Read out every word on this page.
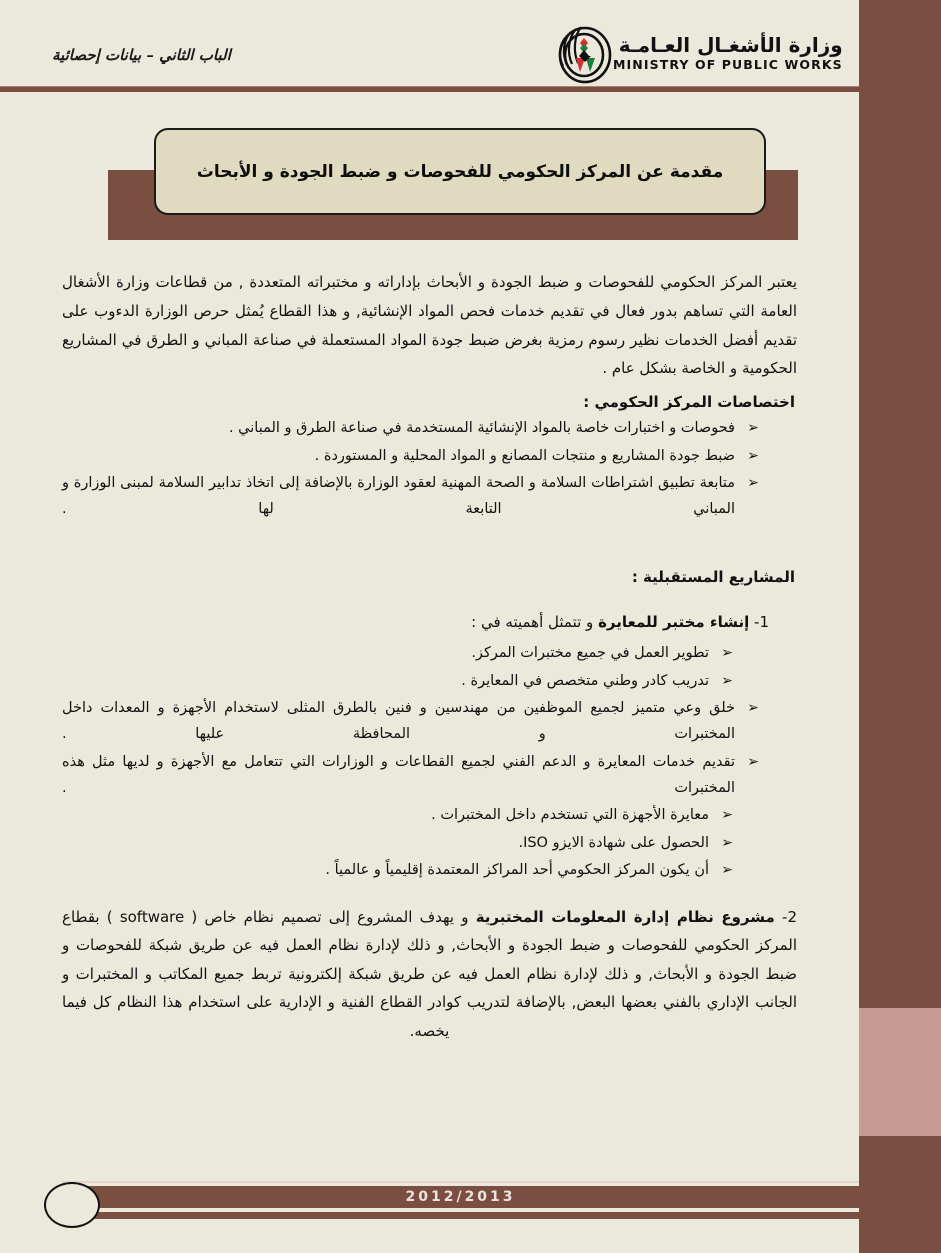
الباب الثاني – بيانات إحصائية	وزارة الأشغـال العـامـة
MINISTRY OF PUBLIC WORKS
مقدمة عن المركز الحكومي للفحوصات و ضبط الجودة و الأبحاث

يعتبر المركز الحكومي للفحوصات و ضبط الجودة و الأبحاث بإداراته و مختبراته المتعددة , من قطاعات وزارة الأشغال العامة التي تساهم بدور فعال في تقديم خدمات فحص المواد الإنشائية, و هذا القطاع يُمثل حرص الوزارة الدءوب على تقديم أفضل الخدمات نظير رسوم رمزية بغرض ضبط جودة المواد المستعملة في صناعة المباني و الطرق في المشاريع الحكومية و الخاصة بشكل عام .

اختصاصات المركز الحكومي :
➢
فحوصات و اختبارات خاصة بالمواد الإنشائية المستخدمة في صناعة الطرق و المباني .
➢
ضبط جودة المشاريع و منتجات المصانع و المواد المحلية و المستوردة .
➢
متابعة تطبيق اشتراطات السلامة و الصحة المهنية لعقود الوزارة بالإضافة إلى اتخاذ تدابير السلامة لمبنى الوزارة و المباني التابعة لها .
المشاريع المستقبلية :
1- إنشاء مختبر للمعايرة و تتمثل أهميته في :
➢
تطوير العمل في جميع مختبرات المركز.
➢
تدريب كادر وطني متخصص في المعايرة .
➢
خلق وعي متميز لجميع الموظفين من مهندسين و فنين بالطرق المثلى لاستخدام الأجهزة و المعدات داخل المختبرات و المحافظة عليها .
➢
تقديم خدمات المعايرة و الدعم الفني لجميع القطاعات و الوزارات التي تتعامل مع الأجهزة و لديها مثل هذه المختبرات .
➢
معايرة الأجهزة التي تستخدم داخل المختبرات .
➢
الحصول على شهادة الايزو ISO.
➢
أن يكون المركز الحكومي أحد المراكز المعتمدة إقليمياً و عالمياً .
2- مشروع نظام إدارة المعلومات المختبرية و يهدف المشروع إلى تصميم نظام خاص ( software ) بقطاع المركز الحكومي للفحوصات و ضبط الجودة و الأبحاث, و ذلك لإدارة نظام العمل فيه عن طريق شبكة للفحوصات و ضبط الجودة و الأبحاث, و ذلك لإدارة نظام العمل فيه عن طريق شبكة إلكترونية تربط جميع المكاتب و المختبرات و الجانب الإداري بالفني بعضها البعض, بالإضافة لتدريب كوادر القطاع الفنية و الإدارية على استخدام هذا النظام كل فيما يخصه.
2012/2013
